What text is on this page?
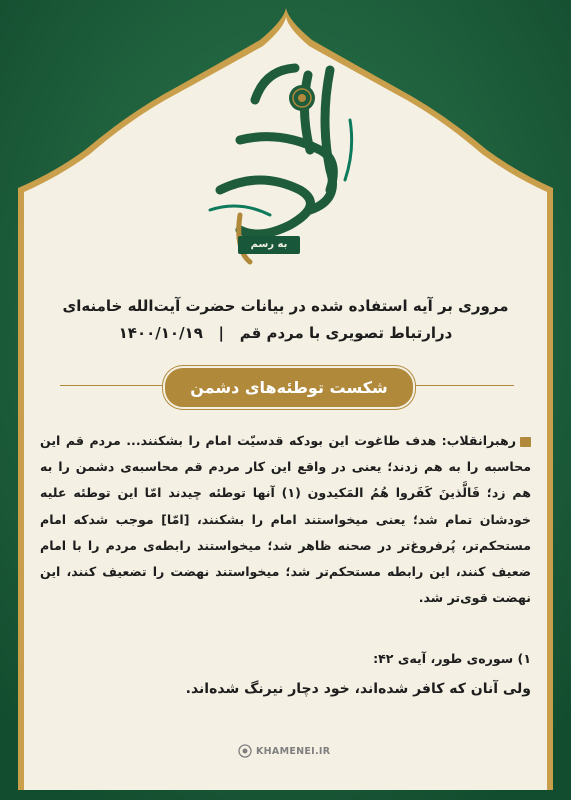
به رسم آیه‌ها
مروری بر آیه استفاده شده در بیانات حضرت آیت‌الله خامنه‌ای
درارتباط تصویری با مردم قم   |   ۱۴۰۰/۱۰/۱۹
شکست توطئه‌های دشمن
رهبرانقلاب: هدف طاغوت این بودکه قدسیّت امام را بشکنند... مردم قم این محاسبه را به هم زدند؛ یعنی در واقع این کار مردم قم محاسبه‌ی دشمن را به هم زد؛ فَالَّذینَ کَفَروا هُمُ المَکیدون (۱) آنها توطئه چیدند امّا این توطئه علیه خودشان تمام شد؛ یعنی میخواستند امام را بشکنند، [امّا] موجب شدکه امام مستحکم‌تر، پُرفروغ‌تر در صحنه ظاهر شد؛ میخواستند رابطه‌ی مردم را با امام ضعیف کنند، این رابطه مستحکم‌تر شد؛ میخواستند نهضت را تضعیف کنند، این نهضت قوی‌تر شد.
۱) سوره‌ی طور، آیه‌ی ۴۲:
ولی آنان که کافر شده‌اند، خود دچار نیرنگ شده‌اند.
KHAMENEI.IR
